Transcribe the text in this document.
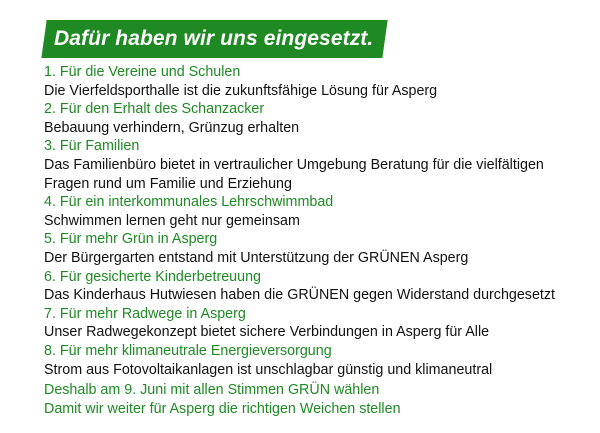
Dafür haben wir uns eingesetzt.
1. Für die Vereine und Schulen
Die Vierfeldsporthalle ist die zukunftsfähige Lösung für Asperg
2. Für den Erhalt des Schanzacker
Bebauung verhindern, Grünzug erhalten
3. Für Familien
Das Familienbüro bietet in vertraulicher Umgebung Beratung für die vielfältigen Fragen rund um Familie und Erziehung
4. Für ein interkommunales Lehrschwimmbad
Schwimmen lernen geht nur gemeinsam
5. Für mehr Grün in Asperg
Der Bürgergarten entstand mit Unterstützung der GRÜNEN Asperg
6. Für gesicherte Kinderbetreuung
Das Kinderhaus Hutwiesen haben die GRÜNEN gegen Widerstand durchgesetzt
7. Für mehr Radwege in Asperg
Unser Radwegekonzept bietet sichere Verbindungen in Asperg für Alle
8. Für mehr klimaneutrale Energieversorgung
Strom aus Fotovoltaikanlagen ist unschlagbar günstig und klimaneutral
Deshalb am 9. Juni mit allen Stimmen GRÜN wählen
Damit wir weiter für Asperg die richtigen Weichen stellen
